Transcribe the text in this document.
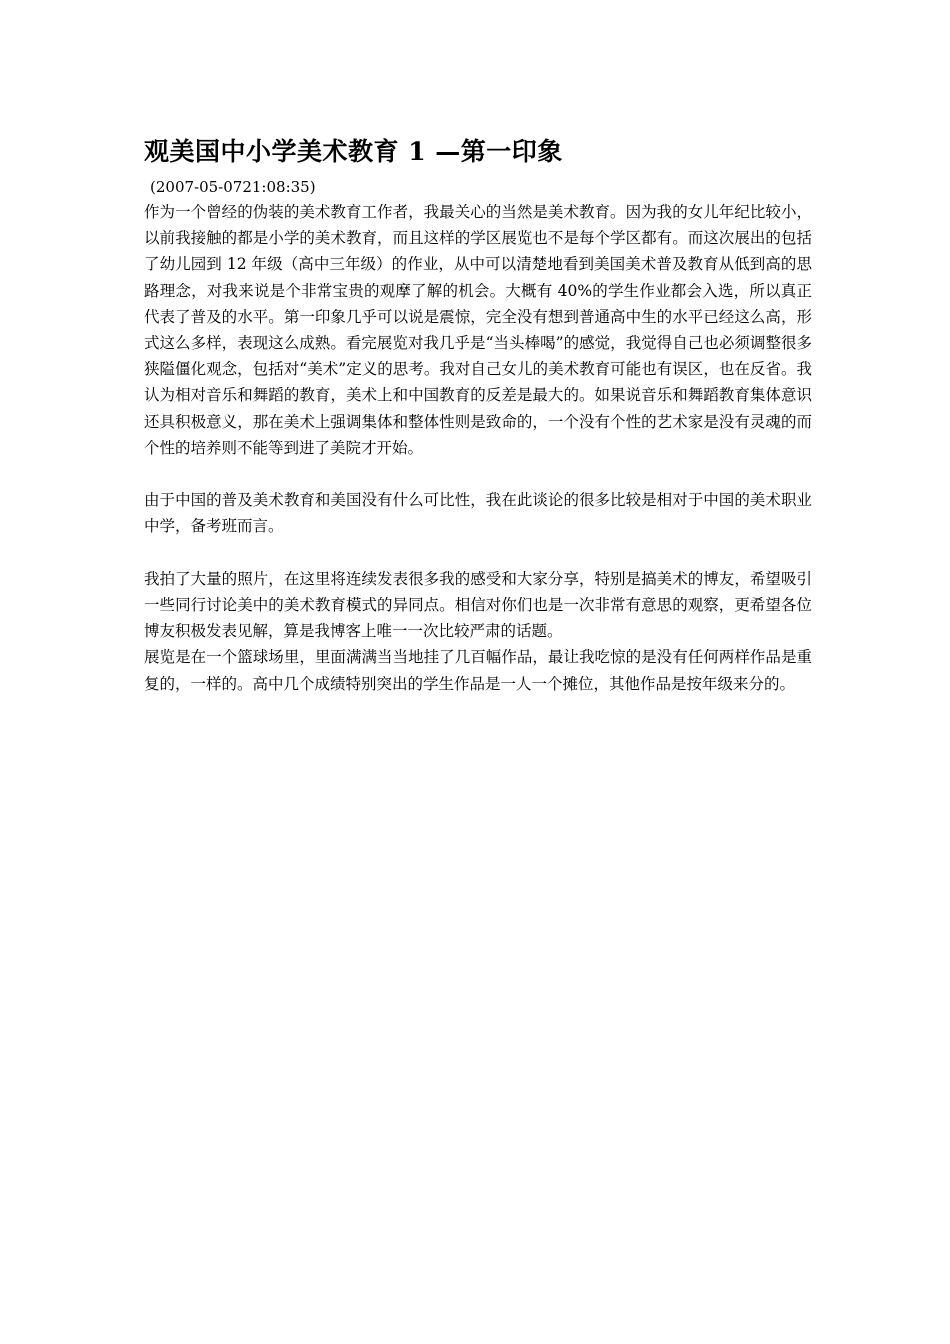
观美国中小学美术教育 1 —第一印象
(2007-05-0721:08:35)

作为一个曾经的伪装的美术教育工作者，我最关心的当然是美术教育。因为我的女儿年纪比较小，以前我接触的都是小学的美术教育，而且这样的学区展览也不是每个学区都有。而这次展出的包括了幼儿园到 12 年级（高中三年级）的作业，从中可以清楚地看到美国美术普及教育从低到高的思路理念，对我来说是个非常宝贵的观摩了解的机会。大概有 40%的学生作业都会入选，所以真正代表了普及的水平。第一印象几乎可以说是震惊，完全没有想到普通高中生的水平已经这么高，形式这么多样，表现这么成熟。看完展览对我几乎是“当头棒喝”的感觉，我觉得自己也必须调整很多狭隘僵化观念，包括对“美术”定义的思考。我对自己女儿的美术教育可能也有误区，也在反省。我认为相对音乐和舞蹈的教育，美术上和中国教育的反差是最大的。如果说音乐和舞蹈教育集体意识还具积极意义，那在美术上强调集体和整体性则是致命的，一个没有个性的艺术家是没有灵魂的而个性的培养则不能等到进了美院才开始。

由于中国的普及美术教育和美国没有什么可比性，我在此谈论的很多比较是相对于中国的美术职业中学，备考班而言。

我拍了大量的照片，在这里将连续发表很多我的感受和大家分享，特别是搞美术的博友，希望吸引一些同行讨论美中的美术教育模式的异同点。相信对你们也是一次非常有意思的观察，更希望各位博友积极发表见解，算是我博客上唯一一次比较严肃的话题。

展览是在一个篮球场里，里面满满当当地挂了几百幅作品，最让我吃惊的是没有任何两样作品是重复的，一样的。高中几个成绩特别突出的学生作品是一人一个摊位，其他作品是按年级来分的。
